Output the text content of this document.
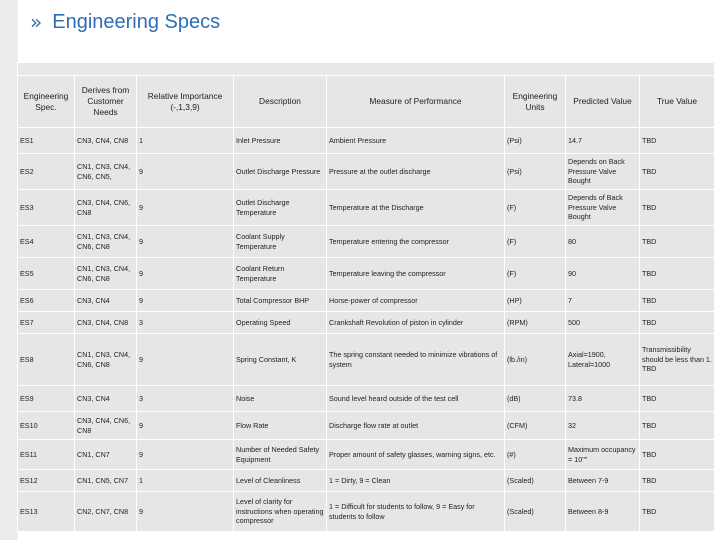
» Engineering Specs

Engineering Spec.	Derives from Customer Needs	Relative Importance (-,1,3,9)	Description	Measure of Performance	Engineering Units	Predicted Value	True Value
ES1	CN3, CN4, CN8	1	Inlet Pressure	Ambient Pressure	(Psi)	14.7	TBD
ES2	CN1, CN3, CN4, CN6, CN5,	9	Outlet Discharge Pressure	Pressure at the outlet discharge	(Psi)	Depends on Back Pressure Valve Bought	TBD
ES3	CN3, CN4, CN6, CN8	9	Outlet Discharge Temperature	Temperature at the Discharge	(F)	Depends of Back Pressure Valve Bought	TBD
ES4	CN1, CN3, CN4, CN6, CN8	9	Coolant Supply Temperature	Temperature entering the compressor	(F)	80	TBD
ES5	CN1, CN3, CN4, CN6, CN8	9	Coolant Return Temperature	Temperature leaving the compressor	(F)	90	TBD
ES6	CN3, CN4	9	Total Compressor BHP	Horse-power of compressor	(HP)	7	TBD
ES7	CN3, CN4, CN8	3	Operating Speed	Crankshaft Revolution of piston in cylinder	(RPM)	500	TBD
ES8	CN1, CN3, CN4, CN6, CN8	9	Spring Constant, K	The spring constant needed to minimize vibrations of system	(lb./in)	Axial=1900, Lateral=1000	Transmissibility should be less than 1. TBD
ES9	CN3, CN4	3	Noise	Sound level heard outside of the test cell	(dB)	73.8	TBD
ES10	CN3, CN4, CN6, CN8	9	Flow Rate	Discharge flow rate at outlet	(CFM)	32	TBD
ES11	CN1, CN7	9	Number of Needed Safety Equipment	Proper amount of safety glasses, warning signs, etc.	(#)	Maximum occupancy = 10""	TBD
ES12	CN1, CN5, CN7	1	Level of Cleanliness	1 = Dirty, 9 = Clean	(Scaled)	Between 7-9	TBD
ES13	CN2, CN7, CN8	9	Level of clarity for instructions when operating compressor	1 = Difficult for students to follow, 9 = Easy for students to follow	(Scaled)	Between 8-9	TBD
